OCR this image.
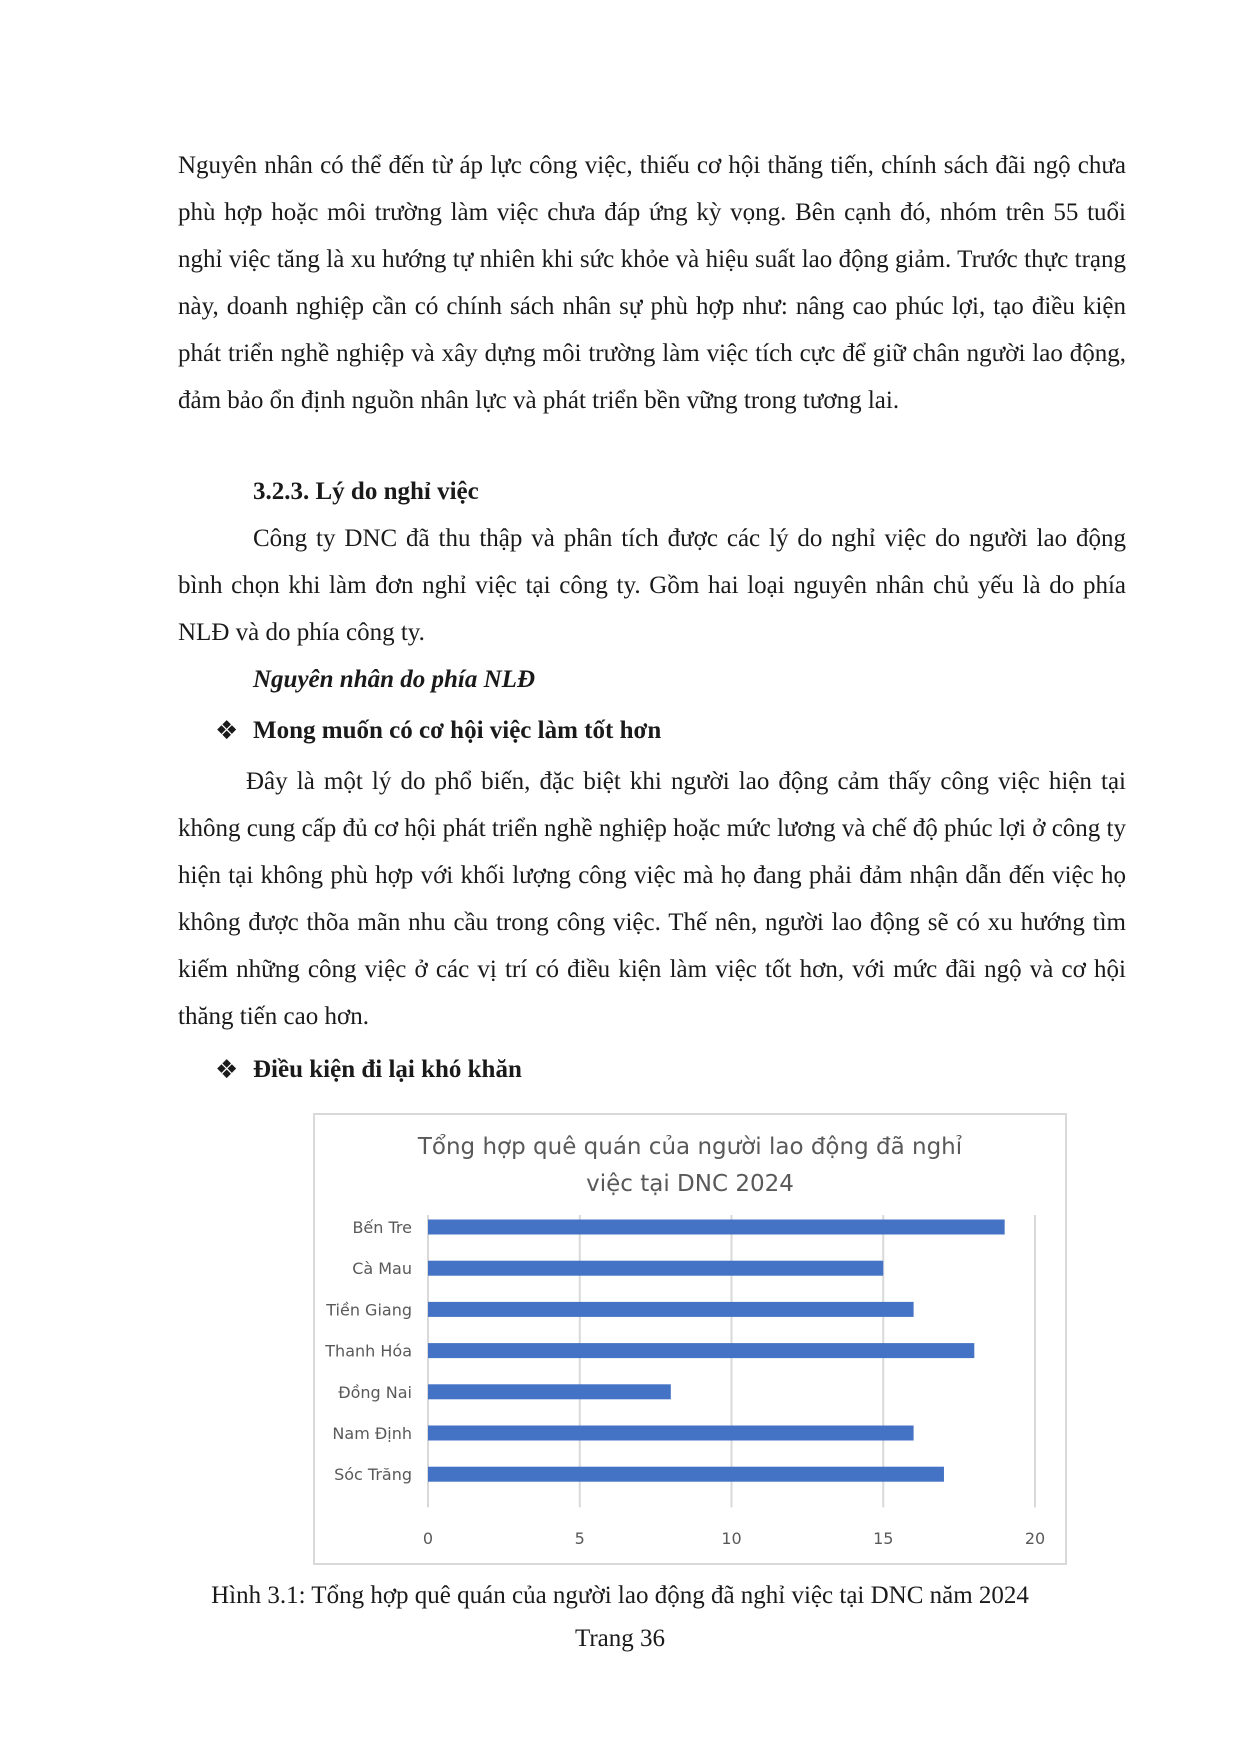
Nguyên nhân có thể đến từ áp lực công việc, thiếu cơ hội thăng tiến, chính sách đãi ngộ chưa phù hợp hoặc môi trường làm việc chưa đáp ứng kỳ vọng. Bên cạnh đó, nhóm trên 55 tuổi nghỉ việc tăng là xu hướng tự nhiên khi sức khỏe và hiệu suất lao động giảm. Trước thực trạng này, doanh nghiệp cần có chính sách nhân sự phù hợp như: nâng cao phúc lợi, tạo điều kiện phát triển nghề nghiệp và xây dựng môi trường làm việc tích cực để giữ chân người lao động, đảm bảo ổn định nguồn nhân lực và phát triển bền vững trong tương lai.

3.2.3. Lý do nghỉ việc

Công ty DNC đã thu thập và phân tích được các lý do nghỉ việc do người lao động bình chọn khi làm đơn nghỉ việc tại công ty. Gồm hai loại nguyên nhân chủ yếu là do phía NLĐ và do phía công ty.

Nguyên nhân do phía NLĐ

❖ Mong muốn có cơ hội việc làm tốt hơn

Đây là một lý do phổ biến, đặc biệt khi người lao động cảm thấy công việc hiện tại không cung cấp đủ cơ hội phát triển nghề nghiệp hoặc mức lương và chế độ phúc lợi ở công ty hiện tại không phù hợp với khối lượng công việc mà họ đang phải đảm nhận dẫn đến việc họ không được thõa mãn nhu cầu trong công việc. Thế nên, người lao động sẽ có xu hướng tìm kiếm những công việc ở các vị trí có điều kiện làm việc tốt hơn, với mức đãi ngộ và cơ hội thăng tiến cao hơn.

❖ Điều kiện đi lại khó khăn
Tổng hợp quê quán của người lao động đã nghỉ
việc tại DNC 2024
0	5	10	15	20
Bến Tre
Cà Mau
Tiền Giang
Thanh Hóa
Đồng Nai
Nam Định
Sóc Trăng
Hình 3.1: Tổng hợp quê quán của người lao động đã nghỉ việc tại DNC năm 2024
Trang 36
